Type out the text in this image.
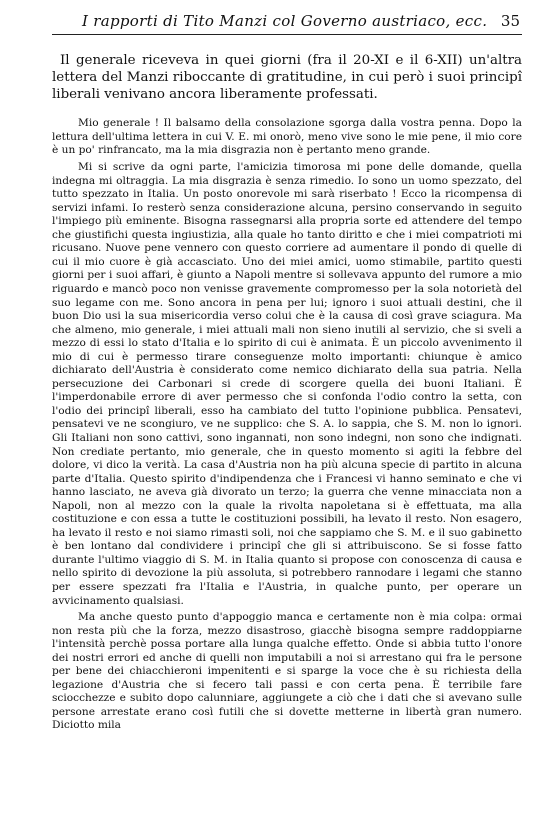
I rapporti di Tito Manzi col Governo austriaco, ecc. 35
Il generale riceveva in quei giorni (fra il 20-XI e il 6-XII) un'altra lettera del Manzi riboccante di gratitudine, in cui però i suoi principî liberali venivano ancora liberamente professati.

Mio generale ! Il balsamo della consolazione sgorga dalla vostra penna. Dopo la lettura dell'ultima lettera in cui V. E. mi onorò, meno vive sono le mie pene, il mio core è un po' rinfrancato, ma la mia disgrazia non è pertanto meno grande.

Mi si scrive da ogni parte, l'amicizia timorosa mi pone delle domande, quella indegna mi oltraggia. La mia disgrazia è senza rimedio. Io sono un uomo spezzato, del tutto spezzato in Italia. Un posto onorevole mi sarà riserbato ! Ecco la ricompensa di servizi infami. Io resterò senza considerazione alcuna, persino conservando in seguito l'impiego più eminente. Bisogna rassegnarsi alla propria sorte ed attendere del tempo che giustifichi questa ingiustizia, alla quale ho tanto diritto e che i miei compatrioti mi ricusano. Nuove pene vennero con questo corriere ad aumentare il pondo di quelle di cui il mio cuore è già accasciato. Uno dei miei amici, uomo stimabile, partito questi giorni per i suoi affari, è giunto a Napoli mentre si sollevava appunto del rumore a mio riguardo e mancò poco non venisse gravemente compromesso per la sola notorietà del suo legame con me. Sono ancora in pena per lui; ignoro i suoi attuali destini, che il buon Dio usi la sua misericordia verso colui che è la causa di così grave sciagura. Ma che almeno, mio generale, i miei attuali mali non sieno inutili al servizio, che si sveli a mezzo di essi lo stato d'Italia e lo spirito di cui è animata. È un piccolo avvenimento il mio di cui è permesso tirare conseguenze molto importanti: chiunque è amico dichiarato dell'Austria è considerato come nemico dichiarato della sua patria. Nella persecuzione dei Carbonari si crede di scorgere quella dei buoni Italiani. È l'imperdonabile errore di aver permesso che si confonda l'odio contro la setta, con l'odio dei principî liberali, esso ha cambiato del tutto l'opinione pubblica. Pensatevi, pensatevi ve ne scongiuro, ve ne supplico: che S. A. lo sappia, che S. M. non lo ignori. Gli Italiani non sono cattivi, sono ingannati, non sono indegni, non sono che indignati. Non crediate pertanto, mio generale, che in questo momento si agiti la febbre del dolore, vi dico la verità. La casa d'Austria non ha più alcuna specie di partito in alcuna parte d'Italia. Questo spirito d'indipendenza che i Francesi vi hanno seminato e che vi hanno lasciato, ne aveva già divorato un terzo; la guerra che venne minacciata non a Napoli, non al mezzo con la quale la rivolta napoletana si è effettuata, ma alla costituzione e con essa a tutte le costituzioni possibili, ha levato il resto. Non esagero, ha levato il resto e noi siamo rimasti soli, noi che sappiamo che S. M. e il suo gabinetto è ben lontano dal condividere i principî che gli si attribuiscono. Se si fosse fatto durante l'ultimo viaggio di S. M. in Italia quanto si propose con conoscenza di causa e nello spirito di devozione la più assoluta, si potrebbero rannodare i legami che stanno per essere spezzati fra l'Italia e l'Austria, in qualche punto, per operare un avvicinamento qualsiasi.

Ma anche questo punto d'appoggio manca e certamente non è mia colpa: ormai non resta più che la forza, mezzo disastroso, giacchè bisogna sempre raddoppiarne l'intensità perchè possa portare alla lunga qualche effetto. Onde si abbia tutto l'onore dei nostri errori ed anche di quelli non imputabili a noi si arrestano qui fra le persone per bene dei chiacchieroni impenitenti e si sparge la voce che è su richiesta della legazione d'Austria che si fecero tali passi e con certa pena. È terribile fare sciocchezze e subito dopo calunniare, aggiungete a ciò che i dati che si avevano sulle persone arrestate erano così futili che si dovette metterne in libertà gran numero. Diciotto mila
